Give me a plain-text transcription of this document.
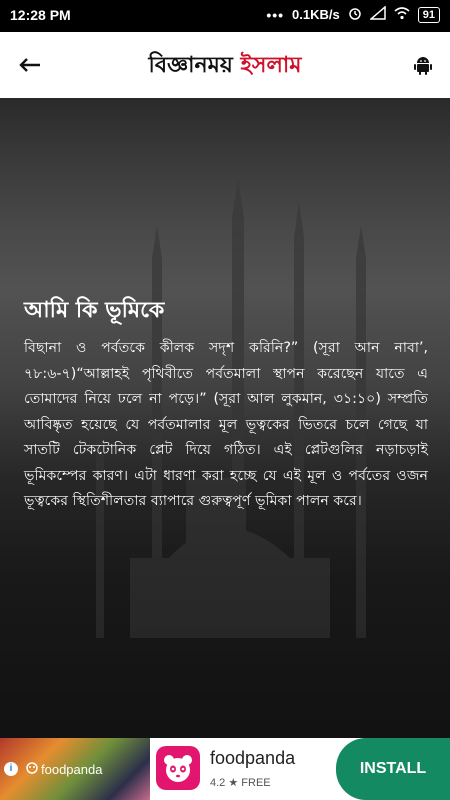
12:28 PM	••• 0.1KB/s	91
বিজ্ঞানময় ইসলাম
আমি কি ভূমিকে

বিছানা ও পর্বতকে কীলক সদৃশ করিনি?” (সূরা আন নাবা’, ৭৮:৬-৭)“আল্লাহই পৃথিবীতে পর্বতমালা স্থাপন করেছেন যাতে এ তোমাদের নিয়ে ঢলে না পড়ে।” (সূরা আল লুকমান, ৩১:১০) সম্প্রতি আবিষ্কৃত হয়েছে যে পর্বতমালার মূল ভূত্বকের ভিতরে চলে গেছে যা সাতটি টেকটোনিক প্লেট দিয়ে গঠিত। এই প্লেটগুলির নড়াচড়াই ভূমিকম্পের কারণ। এটা ধারণা করা হচ্ছে যে এই মূল ও পর্বতের ওজন ভূত্বকের স্থিতিশীলতার ব্যাপারে গুরুত্বপূর্ণ ভূমিকা পালন করে।

i	foodpanda
foodpanda
4.2 ★ FREE
INSTALL
